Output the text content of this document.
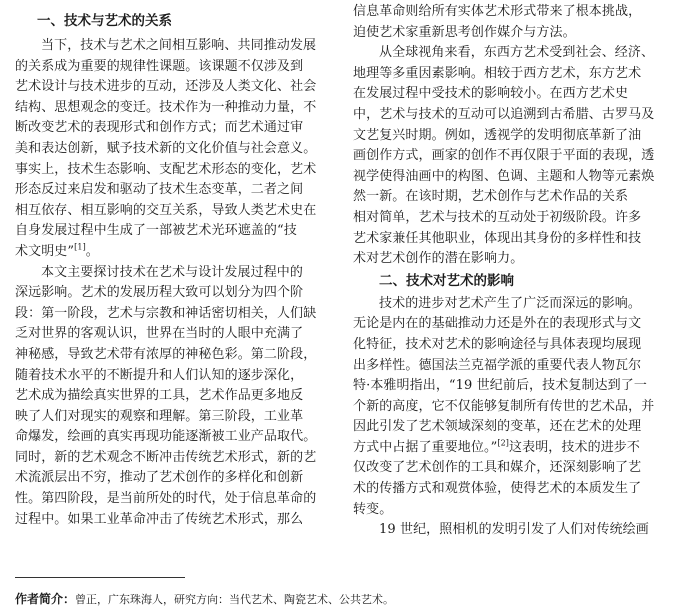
一、技术与艺术的关系
当下，技术与艺术之间相互影响、共同推动发展
的关系成为重要的规律性课题。该课题不仅涉及到
艺术设计与技术进步的互动，还涉及人类文化、社会
结构、思想观念的变迁。技术作为一种推动力量，不
断改变艺术的表现形式和创作方式；而艺术通过审
美和表达创新，赋予技术新的文化价值与社会意义。
事实上，技术生态影响、支配艺术形态的变化，艺术
形态反过来启发和驱动了技术生态变革，二者之间
相互依存、相互影响的交互关系，导致人类艺术史在
自身发展过程中生成了一部被艺术光环遮盖的“技
术文明史”[1]。
本文主要探讨技术在艺术与设计发展过程中的
深远影响。艺术的发展历程大致可以划分为四个阶
段：第一阶段，艺术与宗教和神话密切相关，人们缺
乏对世界的客观认识，世界在当时的人眼中充满了
神秘感，导致艺术带有浓厚的神秘色彩。第二阶段，
随着技术水平的不断提升和人们认知的逐步深化，
艺术成为描绘真实世界的工具，艺术作品更多地反
映了人们对现实的观察和理解。第三阶段，工业革
命爆发，绘画的真实再现功能逐渐被工业产品取代。
同时，新的艺术观念不断冲击传统艺术形式，新的艺
术流派层出不穷，推动了艺术创作的多样化和创新
性。第四阶段，是当前所处的时代，处于信息革命的
过程中。如果工业革命冲击了传统艺术形式，那么
信息革命则给所有实体艺术形式带来了根本挑战，
迫使艺术家重新思考创作媒介与方法。
从全球视角来看，东西方艺术受到社会、经济、
地理等多重因素影响。相较于西方艺术，东方艺术
在发展过程中受技术的影响较小。在西方艺术史
中，艺术与技术的互动可以追溯到古希腊、古罗马及
文艺复兴时期。例如，透视学的发明彻底革新了油
画创作方式，画家的创作不再仅限于平面的表现，透
视学使得油画中的构图、色调、主题和人物等元素焕
然一新。在该时期，艺术创作与艺术作品的关系
相对简单，艺术与技术的互动处于初级阶段。许多
艺术家兼任其他职业，体现出其身份的多样性和技
术对艺术创作的潜在影响力。
二、技术对艺术的影响
技术的进步对艺术产生了广泛而深远的影响。
无论是内在的基础推动力还是外在的表现形式与文
化特征，技术对艺术的影响途径与具体表现均展现
出多样性。德国法兰克福学派的重要代表人物瓦尔
特·本雅明指出，“19 世纪前后，技术复制达到了一
个新的高度，它不仅能够复制所有传世的艺术品，并
因此引发了艺术领域深刻的变革，还在艺术的处理
方式中占据了重要地位。”[2]这表明，技术的进步不
仅改变了艺术创作的工具和媒介，还深刻影响了艺
术的传播方式和观赏体验，使得艺术的本质发生了
转变。
19 世纪，照相机的发明引发了人们对传统绘画
作者简介：曾正，广东珠海人，研究方向：当代艺术、陶瓷艺术、公共艺术。
